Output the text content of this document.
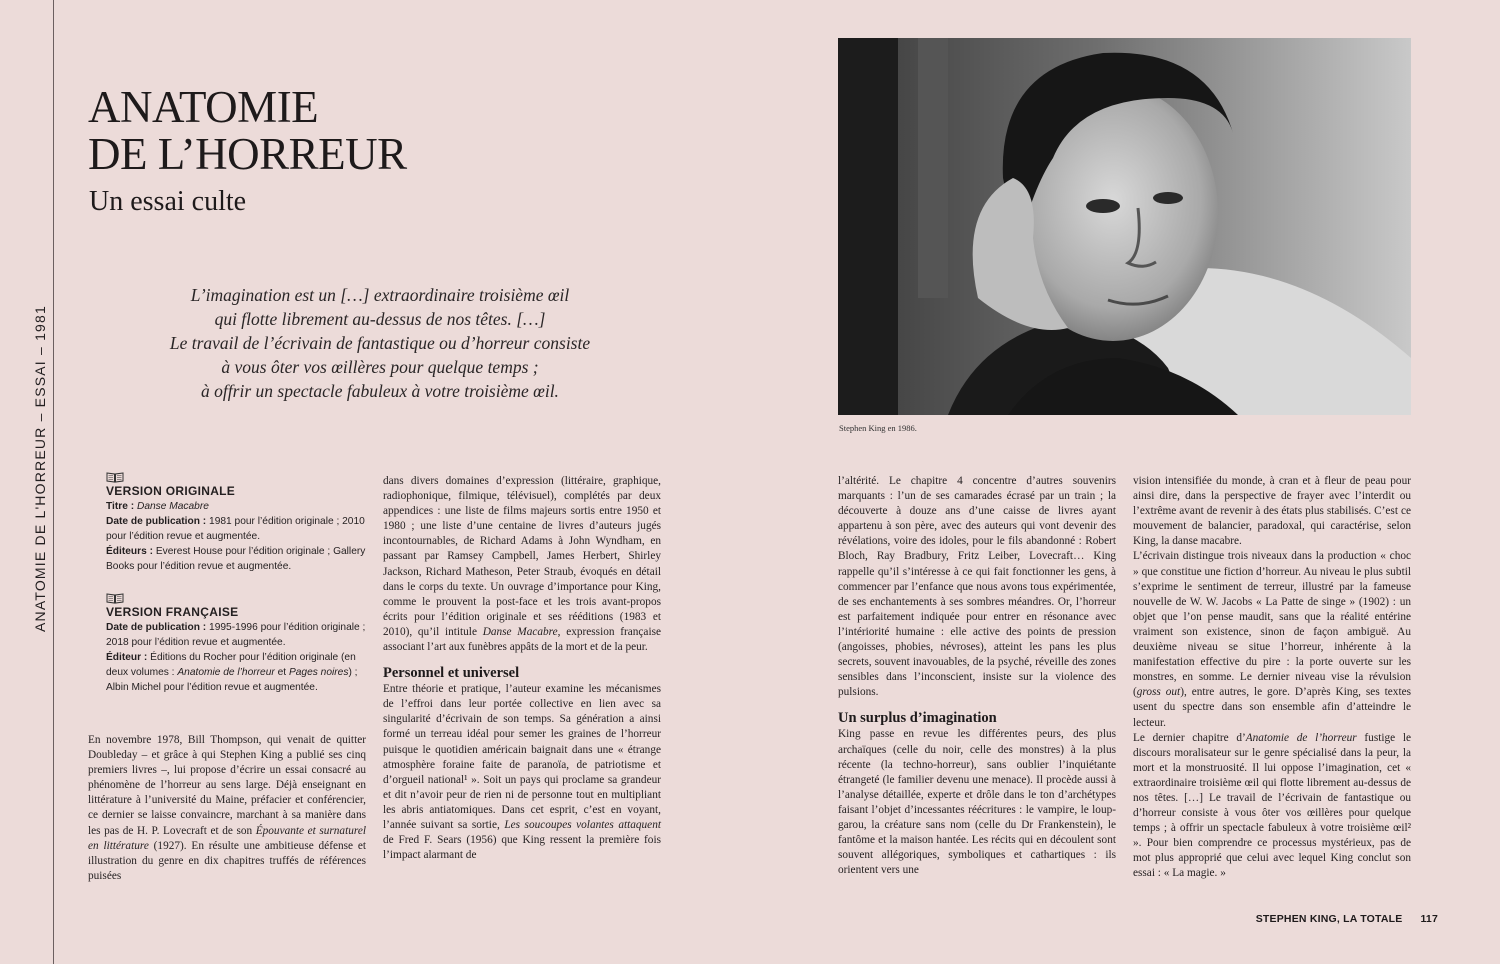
ANATOMIE DE L'HORREUR – ESSAI – 1981
ANATOMIE
DE L’HORREUR
Un essai culte
L’imagination est un […] extraordinaire troisième œil
qui flotte librement au-dessus de nos têtes. […]
Le travail de l’écrivain de fantastique ou d’horreur consiste
à vous ôter vos œillères pour quelque temps ;
à offrir un spectacle fabuleux à votre troisième œil.
Stephen King en 1986.
VERSION ORIGINALE
Titre : Danse Macabre
Date de publication : 1981 pour l’édition originale ; 2010 pour l’édition revue et augmentée.
Éditeurs : Everest House pour l’édition originale ; Gallery Books pour l’édition revue et augmentée.
VERSION FRANÇAISE
Date de publication : 1995-1996 pour l’édition originale ; 2018 pour l’édition revue et augmentée.
Éditeur : Éditions du Rocher pour l’édition originale (en deux volumes : Anatomie de l’horreur et Pages noires) ; Albin Michel pour l’édition revue et augmentée.

En novembre 1978, Bill Thompson, qui venait de quitter Doubleday – et grâce à qui Stephen King a publié ses cinq premiers livres –, lui propose d’écrire un essai consacré au phénomène de l’horreur au sens large. Déjà enseignant en littérature à l’université du Maine, préfacier et conférencier, ce dernier se laisse convaincre, marchant à sa manière dans les pas de H. P. Lovecraft et de son Épouvante et surnaturel en littérature (1927). En résulte une ambitieuse défense et illustration du genre en dix chapitres truffés de références puisées

dans divers domaines d’expression (littéraire, graphique, radiophonique, filmique, télévisuel), complétés par deux appendices : une liste de films majeurs sortis entre 1950 et 1980 ; une liste d’une centaine de livres d’auteurs jugés incontournables, de Richard Adams à John Wyndham, en passant par Ramsey Campbell, James Herbert, Shirley Jackson, Richard Matheson, Peter Straub, évoqués en détail dans le corps du texte. Un ouvrage d’importance pour King, comme le prouvent la post-face et les trois avant-propos écrits pour l’édition originale et ses rééditions (1983 et 2010), qu’il intitule Danse Macabre, expression française associant l’art aux funèbres appâts de la mort et de la peur.

Personnel et universel

Entre théorie et pratique, l’auteur examine les mécanismes de l’effroi dans leur portée collective en lien avec sa singularité d’écrivain de son temps. Sa génération a ainsi formé un terreau idéal pour semer les graines de l’horreur puisque le quotidien américain baignait dans une « étrange atmosphère foraine faite de paranoïa, de patriotisme et d’orgueil national¹ ». Soit un pays qui proclame sa grandeur et dit n’avoir peur de rien ni de personne tout en multipliant les abris antiatomiques. Dans cet esprit, c’est en voyant, l’année suivant sa sortie, Les soucoupes volantes attaquent de Fred F. Sears (1956) que King ressent la première fois l’impact alarmant de

l’altérité. Le chapitre 4 concentre d’autres souvenirs marquants : l’un de ses camarades écrasé par un train ; la découverte à douze ans d’une caisse de livres ayant appartenu à son père, avec des auteurs qui vont devenir des révélations, voire des idoles, pour le fils abandonné : Robert Bloch, Ray Bradbury, Fritz Leiber, Lovecraft… King rappelle qu’il s’intéresse à ce qui fait fonctionner les gens, à commencer par l’enfance que nous avons tous expérimentée, de ses enchantements à ses sombres méandres. Or, l’horreur est parfaitement indiquée pour entrer en résonance avec l’intériorité humaine : elle active des points de pression (angoisses, phobies, névroses), atteint les pans les plus secrets, souvent inavouables, de la psyché, réveille des zones sensibles dans l’inconscient, insiste sur la violence des pulsions.

Un surplus d’imagination

King passe en revue les différentes peurs, des plus archaïques (celle du noir, celle des monstres) à la plus récente (la techno-horreur), sans oublier l’inquiétante étrangeté (le familier devenu une menace). Il procède aussi à l’analyse détaillée, experte et drôle dans le ton d’archétypes faisant l’objet d’incessantes réécritures : le vampire, le loup-garou, la créature sans nom (celle du Dr Frankenstein), le fantôme et la maison hantée. Les récits qui en découlent sont souvent allégoriques, symboliques et cathartiques : ils orientent vers une

vision intensifiée du monde, à cran et à fleur de peau pour ainsi dire, dans la perspective de frayer avec l’interdit ou l’extrême avant de revenir à des états plus stabilisés. C’est ce mouvement de balancier, paradoxal, qui caractérise, selon King, la danse macabre.

L’écrivain distingue trois niveaux dans la production « choc » que constitue une fiction d’horreur. Au niveau le plus subtil s’exprime le sentiment de terreur, illustré par la fameuse nouvelle de W. W. Jacobs « La Patte de singe » (1902) : un objet que l’on pense maudit, sans que la réalité entérine vraiment son existence, sinon de façon ambiguë. Au deuxième niveau se situe l’horreur, inhérente à la manifestation effective du pire : la porte ouverte sur les monstres, en somme. Le dernier niveau vise la révulsion (gross out), entre autres, le gore. D’après King, ses textes usent du spectre dans son ensemble afin d’atteindre le lecteur.

Le dernier chapitre d’Anatomie de l’horreur fustige le discours moralisateur sur le genre spécialisé dans la peur, la mort et la monstruosité. Il lui oppose l’imagination, cet « extraordinaire troisième œil qui flotte librement au-dessus de nos têtes. […] Le travail de l’écrivain de fantastique ou d’horreur consiste à vous ôter vos œillères pour quelque temps ; à offrir un spectacle fabuleux à votre troisième œil² ». Pour bien comprendre ce processus mystérieux, pas de mot plus approprié que celui avec lequel King conclut son essai : « La magie. »

STEPHEN KING, LA TOTALE 117
